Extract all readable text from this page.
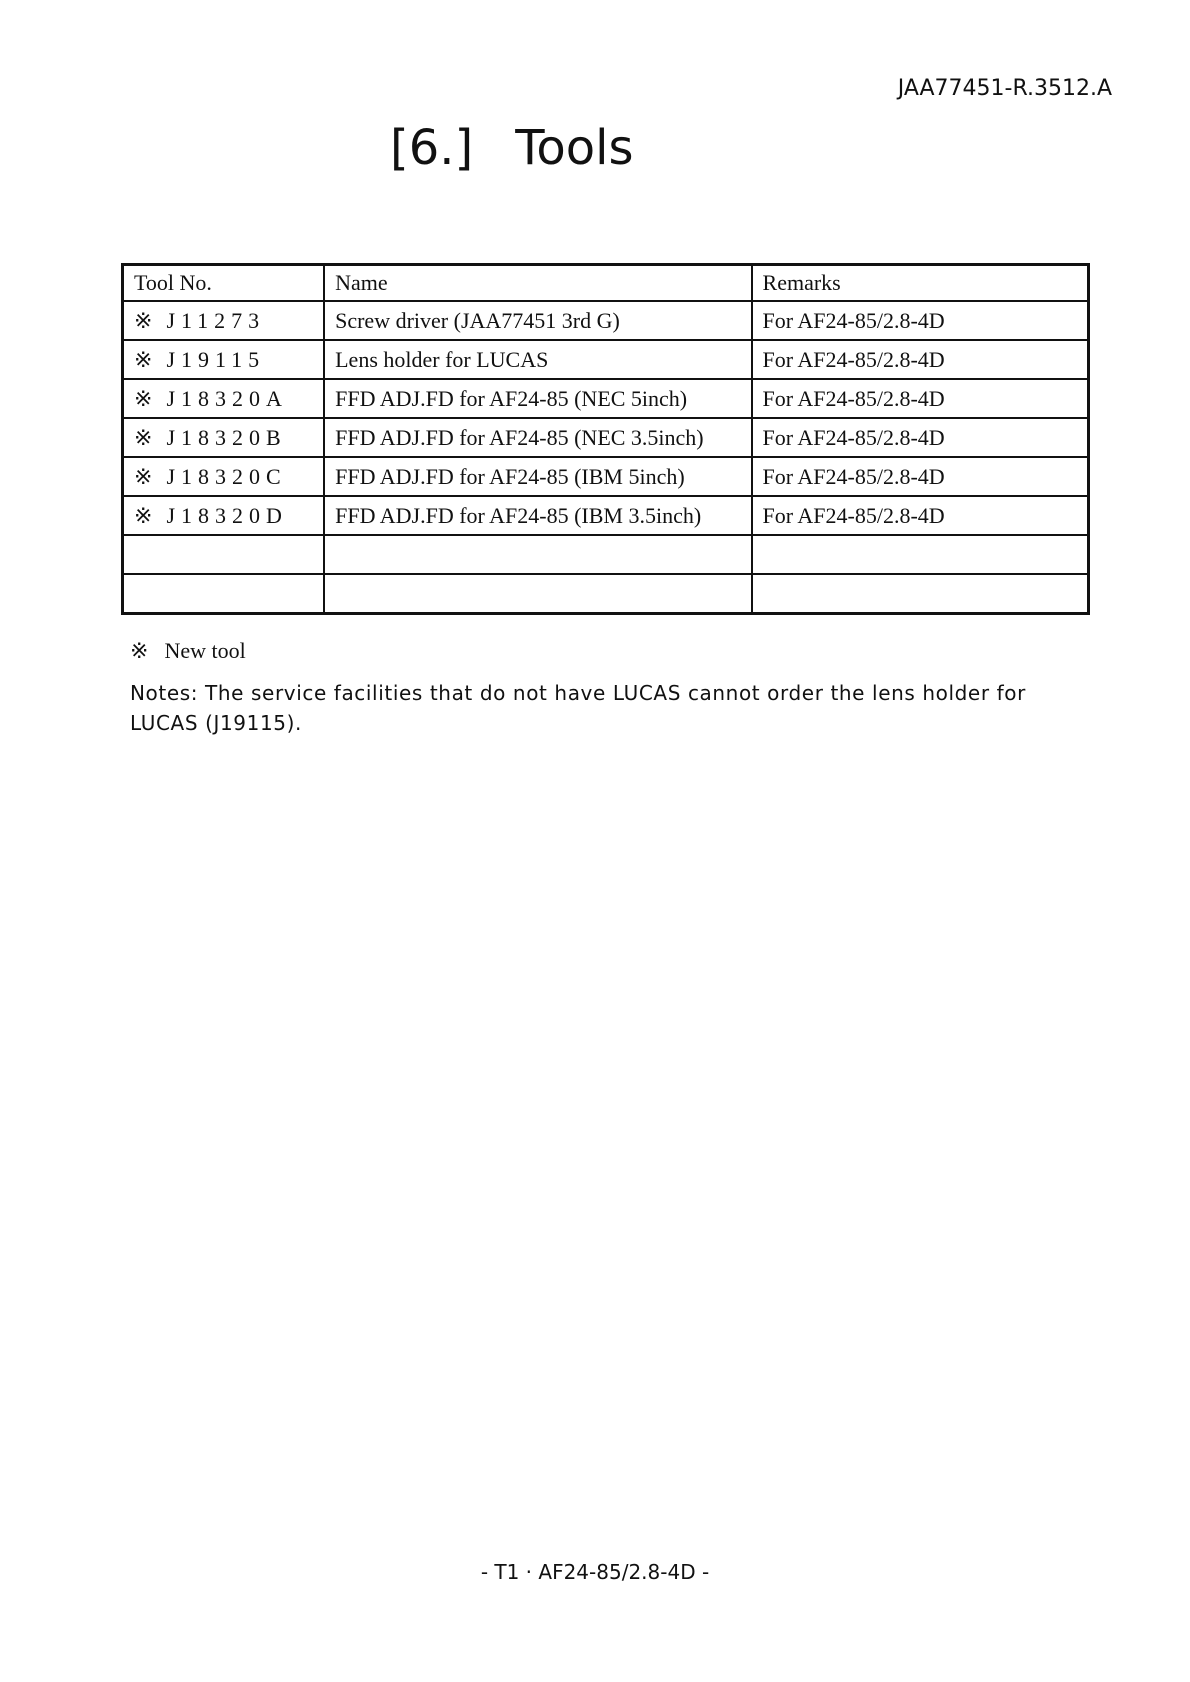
JAA77451-R.3512.A
[6.] Tools
Tool No.	Name	Remarks
※ J11273	Screw driver (JAA77451 3rd G)	For AF24-85/2.8-4D
※ J19115	Lens holder for LUCAS	For AF24-85/2.8-4D
※ J18320A	FFD ADJ.FD for AF24-85 (NEC 5inch)	For AF24-85/2.8-4D
※ J18320B	FFD ADJ.FD for AF24-85 (NEC 3.5inch)	For AF24-85/2.8-4D
※ J18320C	FFD ADJ.FD for AF24-85 (IBM 5inch)	For AF24-85/2.8-4D
※ J18320D	FFD ADJ.FD for AF24-85 (IBM 3.5inch)	For AF24-85/2.8-4D

※ New tool
Notes: The service facilities that do not have LUCAS cannot order the lens holder for LUCAS (J19115).
- T1 · AF24-85/2.8-4D -
